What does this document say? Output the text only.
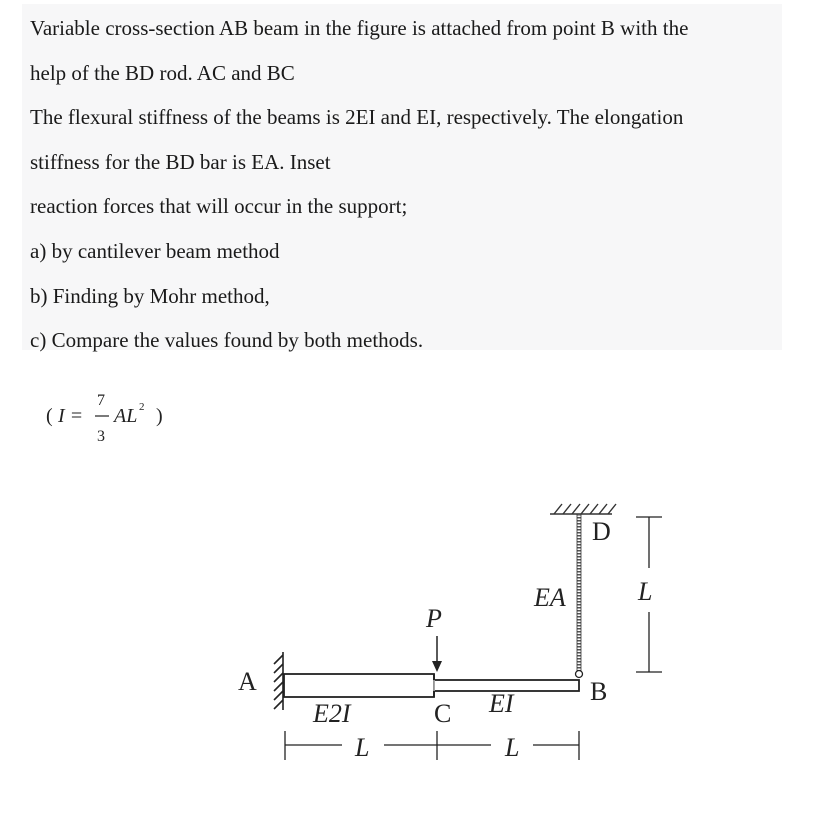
Variable cross-section AB beam in the figure is attached from point B with the
help of the BD rod. AC and BC
The flexural stiffness of the beams is 2EI and EI, respectively. The elongation
stiffness for the BD bar is EA. Inset
reaction forces that will occur in the support;
a) by cantilever beam method
b) Finding by Mohr method,
c) Compare the values found by both methods.
( I =
7
3
AL 2 )
A	B
C
D
P
EA	L
E2I	EI
L	L
